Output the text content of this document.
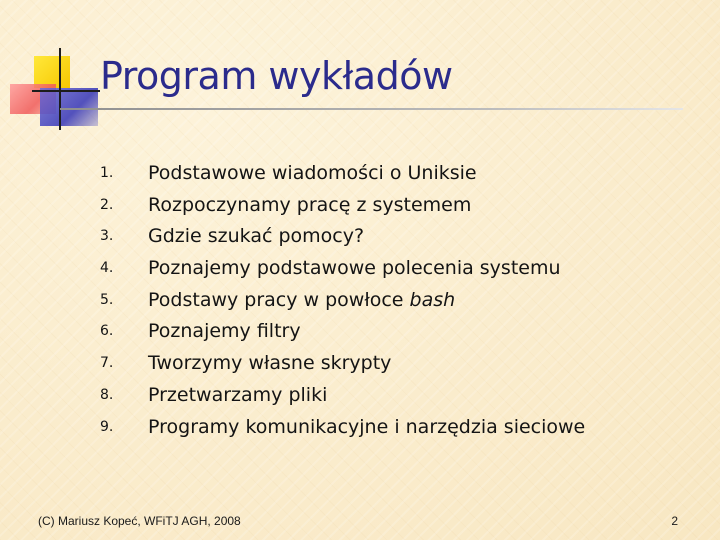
Program wykładów
1.	Podstawowe wiadomości o Uniksie
2.	Rozpoczynamy pracę z systemem
3.	Gdzie szukać pomocy?
4.	Poznajemy podstawowe polecenia systemu
5.	Podstawy pracy w powłoce bash
6.	Poznajemy filtry
7.	Tworzymy własne skrypty
8.	Przetwarzamy pliki
9.	Programy komunikacyjne i narzędzia sieciowe
(C) Mariusz Kopeć, WFiTJ AGH, 2008	2
